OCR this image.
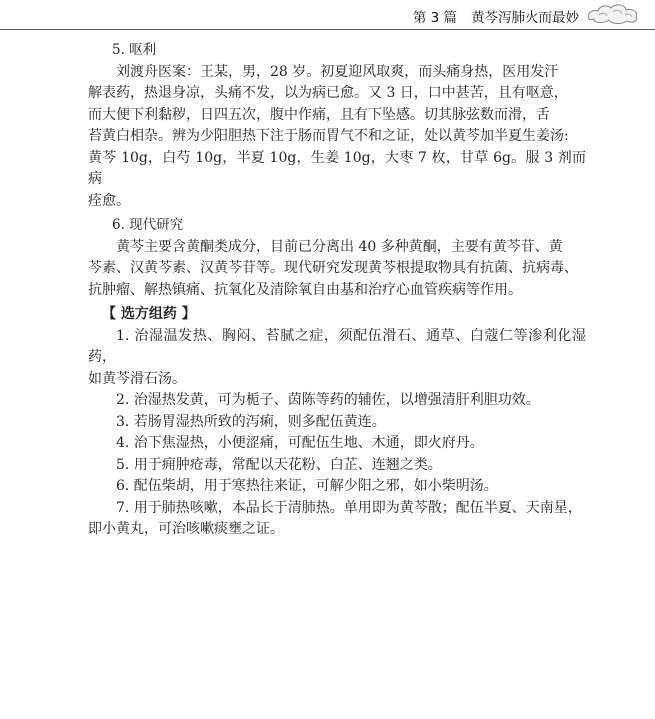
第 3 篇 黄芩泻肺火而最妙

5. 呕利

刘渡舟医案：王某，男，28 岁。初夏迎风取爽，而头痛身热，医用发汗

解表药，热退身凉，头痛不发，以为病已愈。又 3 日，口中甚苦，且有呕意，

而大便下利黏秽，日四五次，腹中作痛，且有下坠感。切其脉弦数而滑，舌

苔黄白相杂。辨为少阳胆热下注于肠而胃气不和之证，处以黄芩加半夏生姜汤:

黄芩 10g，白芍 10g，半夏 10g，生姜 10g，大枣 7 枚，甘草 6g。服 3 剂而病

痊愈。

6. 现代研究

黄芩主要含黄酮类成分，目前已分离出 40 多种黄酮，主要有黄芩苷、黄

芩素、汉黄芩素、汉黄芩苷等。现代研究发现黄芩根提取物具有抗菌、抗病毒、

抗肿瘤、解热镇痛、抗氧化及清除氧自由基和治疗心血管疾病等作用。

【 选方组药 】

1. 治湿温发热、胸闷、苔腻之症，须配伍滑石、通草、白蔻仁等渗利化湿药，

如黄芩滑石汤。

2. 治湿热发黄，可为栀子、茵陈等药的辅佐，以增强清肝利胆功效。

3. 若肠胃湿热所致的泻痢，则多配伍黄连。

4. 治下焦湿热，小便涩痛，可配伍生地、木通，即火府丹。

5. 用于痈肿疮毒，常配以天花粉、白芷、连翘之类。

6. 配伍柴胡，用于寒热往来证，可解少阳之邪，如小柴明汤。

7. 用于肺热咳嗽，本品长于清肺热。单用即为黄芩散；配伍半夏、天南星，

即小黄丸，可治咳嗽痰壅之证。
